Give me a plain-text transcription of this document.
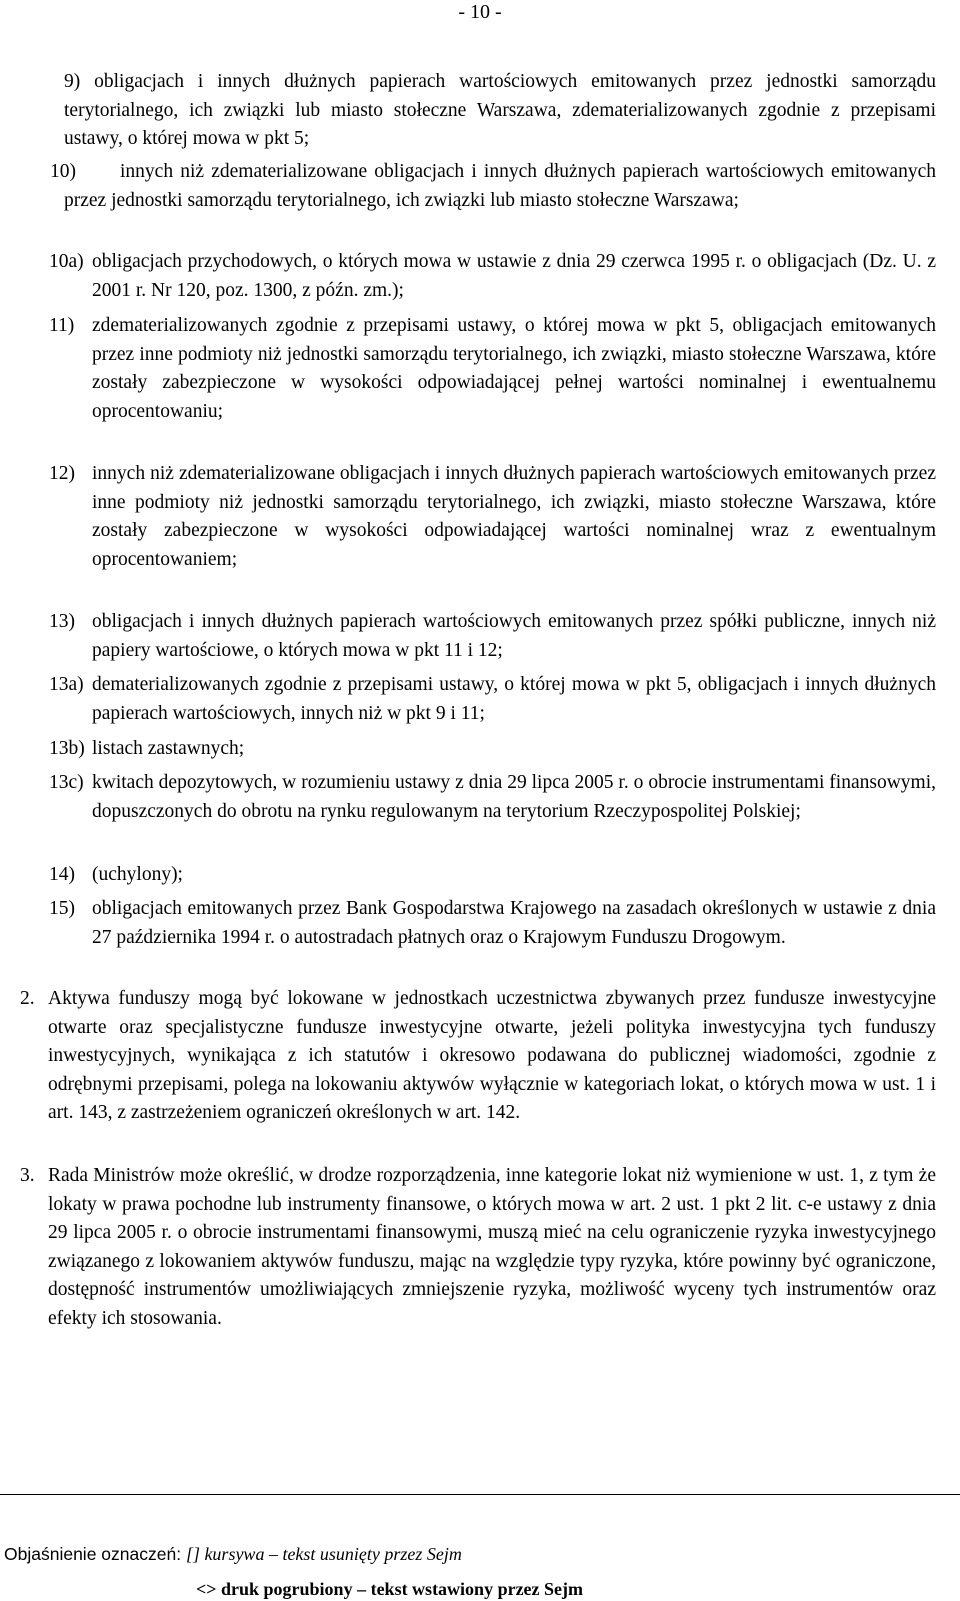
- 10 -
9) obligacjach i innych dłużnych papierach wartościowych emitowanych przez jednostki samorządu terytorialnego, ich związki lub miasto stołeczne Warszawa, zdematerializowanych zgodnie z przepisami ustawy, o której mowa w pkt 5;
10)	innych niż zdematerializowane obligacjach i innych dłużnych papierach wartościowych emitowanych przez jednostki samorządu terytorialnego, ich związki lub miasto stołeczne Warszawa;
10a) obligacjach przychodowych, o których mowa w ustawie z dnia 29 czerwca 1995 r. o obligacjach (Dz. U. z 2001 r. Nr 120, poz. 1300, z późn. zm.);
11) zdematerializowanych zgodnie z przepisami ustawy, o której mowa w pkt 5, obligacjach emitowanych przez inne podmioty niż jednostki samorządu terytorialnego, ich związki, miasto stołeczne Warszawa, które zostały zabezpieczone w wysokości odpowiadającej pełnej wartości nominalnej i ewentualnemu oprocentowaniu;
12) innych niż zdematerializowane obligacjach i innych dłużnych papierach wartościowych emitowanych przez inne podmioty niż jednostki samorządu terytorialnego, ich związki, miasto stołeczne Warszawa, które zostały zabezpieczone w wysokości odpowiadającej wartości nominalnej wraz z ewentualnym oprocentowaniem;
13) obligacjach i innych dłużnych papierach wartościowych emitowanych przez spółki publiczne, innych niż papiery wartościowe, o których mowa w pkt 11 i 12;
13a) dematerializowanych zgodnie z przepisami ustawy, o której mowa w pkt 5, obligacjach i innych dłużnych papierach wartościowych, innych niż w pkt 9 i 11;
13b) listach zastawnych;
13c) kwitach depozytowych, w rozumieniu ustawy z dnia 29 lipca 2005 r. o obrocie instrumentami finansowymi, dopuszczonych do obrotu na rynku regulowanym na terytorium Rzeczypospolitej Polskiej;
14) (uchylony);
15) obligacjach emitowanych przez Bank Gospodarstwa Krajowego na zasadach określonych w ustawie z dnia 27 października 1994 r. o autostradach płatnych oraz o Krajowym Funduszu Drogowym.
2. Aktywa funduszy mogą być lokowane w jednostkach uczestnictwa zbywanych przez fundusze inwestycyjne otwarte oraz specjalistyczne fundusze inwestycyjne otwarte, jeżeli polityka inwestycyjna tych funduszy inwestycyjnych, wynikająca z ich statutów i okresowo podawana do publicznej wiadomości, zgodnie z odrębnymi przepisami, polega na lokowaniu aktywów wyłącznie w kategoriach lokat, o których mowa w ust. 1 i art. 143, z zastrzeżeniem ograniczeń określonych w art. 142.
3. Rada Ministrów może określić, w drodze rozporządzenia, inne kategorie lokat niż wymienione w ust. 1, z tym że lokaty w prawa pochodne lub instrumenty finansowe, o których mowa w art. 2 ust. 1 pkt 2 lit. c-e ustawy z dnia 29 lipca 2005 r. o obrocie instrumentami finansowymi, muszą mieć na celu ograniczenie ryzyka inwestycyjnego związanego z lokowaniem aktywów funduszu, mając na względzie typy ryzyka, które powinny być ograniczone, dostępność instrumentów umożliwiających zmniejszenie ryzyka, możliwość wyceny tych instrumentów oraz efekty ich stosowania.
Objaśnienie oznaczeń: [] kursywa – tekst usunięty przez Sejm
<> druk pogrubiony – tekst wstawiony przez Sejm
